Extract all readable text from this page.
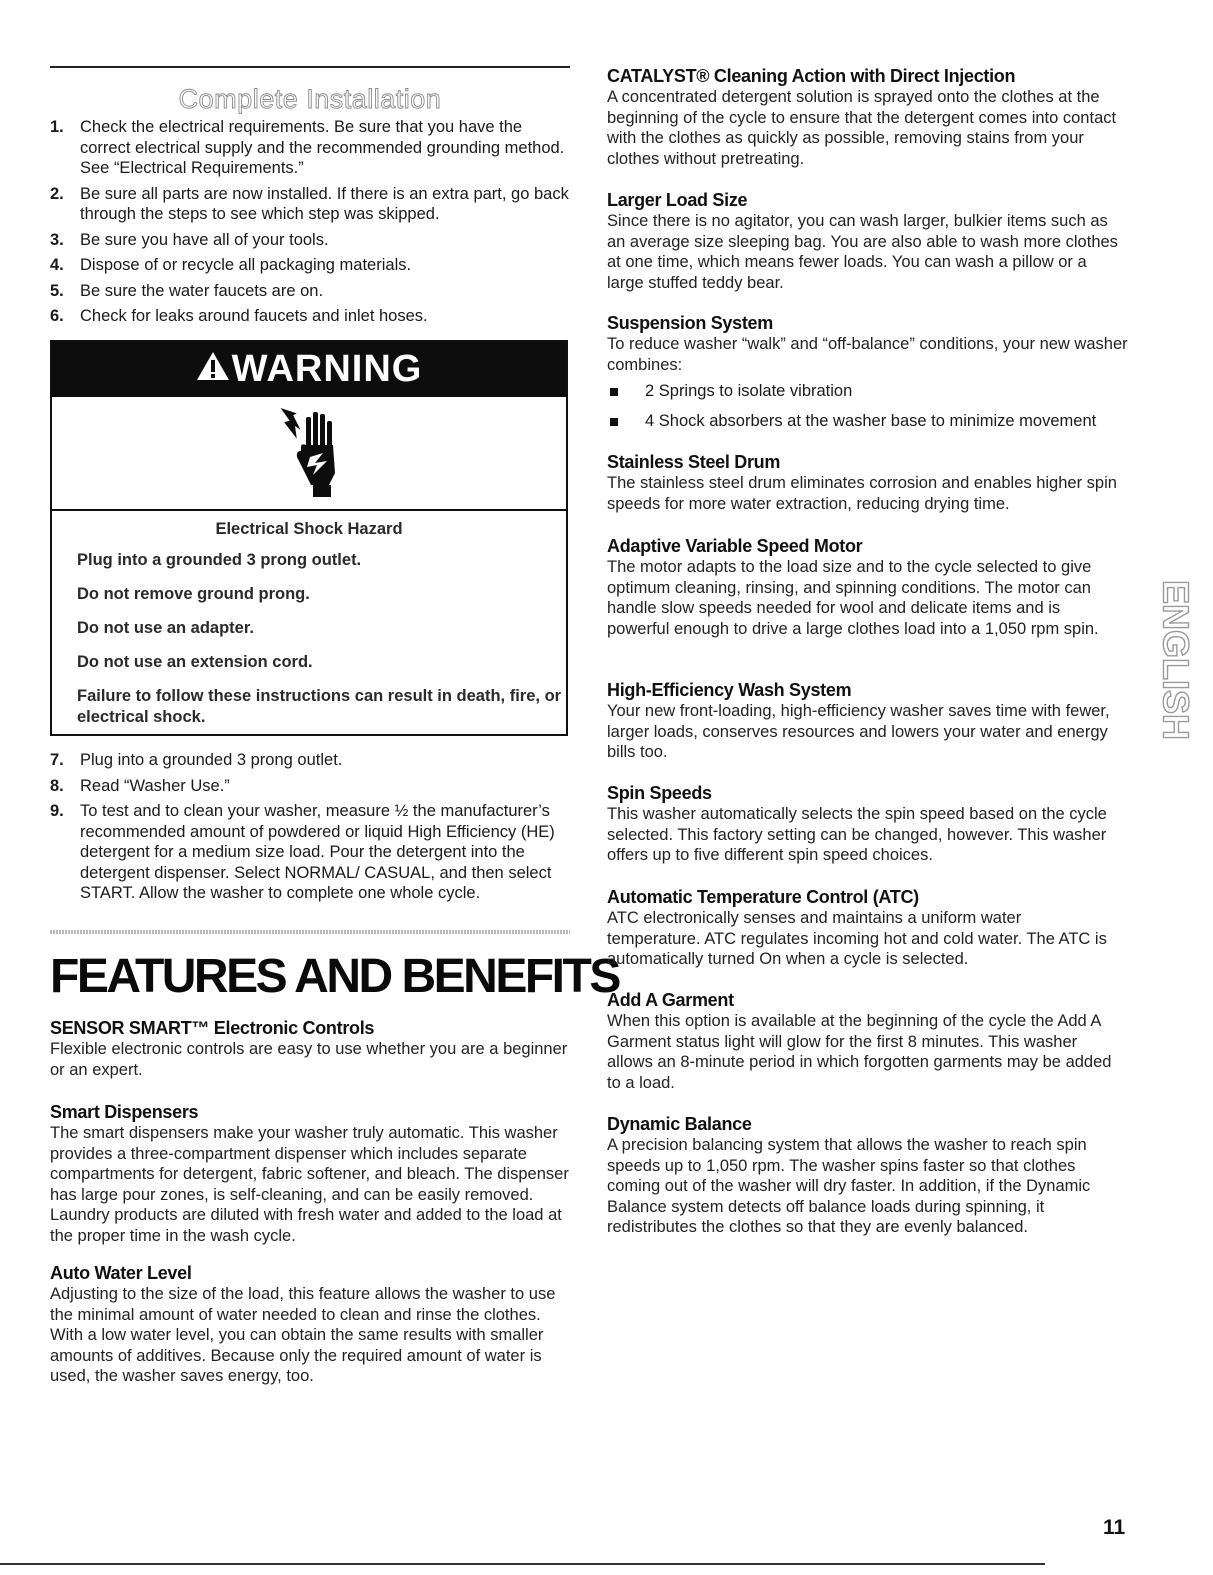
Complete Installation
1. Check the electrical requirements. Be sure that you have the correct electrical supply and the recommended grounding method. See “Electrical Requirements.”
2. Be sure all parts are now installed. If there is an extra part, go back through the steps to see which step was skipped.
3. Be sure you have all of your tools.
4. Dispose of or recycle all packaging materials.
5. Be sure the water faucets are on.
6. Check for leaks around faucets and inlet hoses.
WARNING

Electrical Shock Hazard

Plug into a grounded 3 prong outlet.

Do not remove ground prong.

Do not use an adapter.

Do not use an extension cord.

Failure to follow these instructions can result in death, fire, or electrical shock.

7. Plug into a grounded 3 prong outlet.
8. Read “Washer Use.”
9. To test and to clean your washer, measure ½ the manufacturer’s recommended amount of powdered or liquid High Efficiency (HE) detergent for a medium size load. Pour the detergent into the detergent dispenser. Select NORMAL/ CASUAL, and then select START. Allow the washer to complete one whole cycle.
FEATURES AND BENEFITS
SENSOR SMART™ Electronic Controls

Flexible electronic controls are easy to use whether you are a beginner or an expert.

Smart Dispensers

The smart dispensers make your washer truly automatic. This washer provides a three-compartment dispenser which includes separate compartments for detergent, fabric softener, and bleach. The dispenser has large pour zones, is self-cleaning, and can be easily removed. Laundry products are diluted with fresh water and added to the load at the proper time in the wash cycle.

Auto Water Level

Adjusting to the size of the load, this feature allows the washer to use the minimal amount of water needed to clean and rinse the clothes. With a low water level, you can obtain the same results with smaller amounts of additives. Because only the required amount of water is used, the washer saves energy, too.

CATALYST® Cleaning Action with Direct Injection

A concentrated detergent solution is sprayed onto the clothes at the beginning of the cycle to ensure that the detergent comes into contact with the clothes as quickly as possible, removing stains from your clothes without pretreating.

Larger Load Size

Since there is no agitator, you can wash larger, bulkier items such as an average size sleeping bag. You are also able to wash more clothes at one time, which means fewer loads. You can wash a pillow or a large stuffed teddy bear.

Suspension System

To reduce washer “walk” and “off-balance” conditions, your new washer combines:

2 Springs to isolate vibration
4 Shock absorbers at the washer base to minimize movement
Stainless Steel Drum

The stainless steel drum eliminates corrosion and enables higher spin speeds for more water extraction, reducing drying time.

Adaptive Variable Speed Motor

The motor adapts to the load size and to the cycle selected to give optimum cleaning, rinsing, and spinning conditions. The motor can handle slow speeds needed for wool and delicate items and is powerful enough to drive a large clothes load into a 1,050 rpm spin.

High-Efficiency Wash System

Your new front-loading, high-efficiency washer saves time with fewer, larger loads, conserves resources and lowers your water and energy bills too.

Spin Speeds

This washer automatically selects the spin speed based on the cycle selected. This factory setting can be changed, however. This washer offers up to five different spin speed choices.

Automatic Temperature Control (ATC)

ATC electronically senses and maintains a uniform water temperature. ATC regulates incoming hot and cold water. The ATC is automatically turned On when a cycle is selected.

Add A Garment

When this option is available at the beginning of the cycle the Add A Garment status light will glow for the first 8 minutes. This washer allows an 8-minute period in which forgotten garments may be added to a load.

Dynamic Balance

A precision balancing system that allows the washer to reach spin speeds up to 1,050 rpm. The washer spins faster so that clothes coming out of the washer will dry faster. In addition, if the Dynamic Balance system detects off balance loads during spinning, it redistributes the clothes so that they are evenly balanced.

ENGLISH
11
